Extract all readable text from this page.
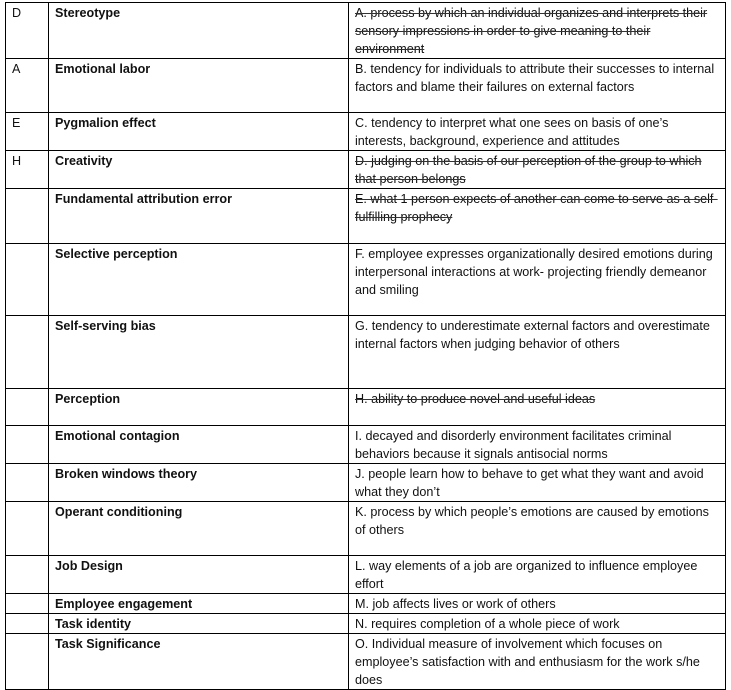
D	Stereotype	A. process by which an individual organizes and interprets their sensory impressions in order to give meaning to their environment
A	Emotional labor	B. tendency for individuals to attribute their successes to internal factors and blame their failures on external factors
E	Pygmalion effect	C. tendency to interpret what one sees on basis of one’s interests, background, experience and attitudes
H	Creativity	D. judging on the basis of our perception of the group to which that person belongs
	Fundamental attribution error	E. what 1 person expects of another can come to serve as a self-fulfilling prophecy
	Selective perception	F. employee expresses organizationally desired emotions during interpersonal interactions at work- projecting friendly demeanor and smiling
	Self-serving bias	G. tendency to underestimate external factors and overestimate internal factors when judging behavior of others
	Perception	H. ability to produce novel and useful ideas
	Emotional contagion	I. decayed and disorderly environment facilitates criminal behaviors because it signals antisocial norms
	Broken windows theory	J. people learn how to behave to get what they want and avoid what they don’t
	Operant conditioning	K. process by which people’s emotions are caused by emotions of others
	Job Design	L. way elements of a job are organized to influence employee effort
	Employee engagement	M. job affects lives or work of others
	Task identity	N. requires completion of a whole piece of work
	Task Significance	O. Individual measure of involvement which focuses on employee’s satisfaction with and enthusiasm for the work s/he does
